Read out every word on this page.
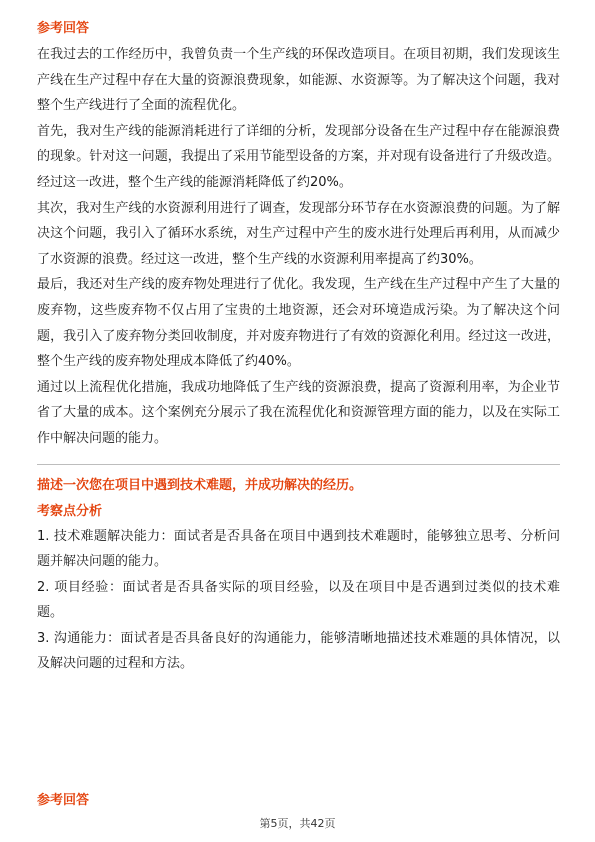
参考回答

在我过去的工作经历中，我曾负责一个生产线的环保改造项目。在项目初期，我们发现该生产线在生产过程中存在大量的资源浪费现象，如能源、水资源等。为了解决这个问题，我对整个生产线进行了全面的流程优化。

首先，我对生产线的能源消耗进行了详细的分析，发现部分设备在生产过程中存在能源浪费的现象。针对这一问题，我提出了采用节能型设备的方案，并对现有设备进行了升级改造。经过这一改进，整个生产线的能源消耗降低了约20%。

其次，我对生产线的水资源利用进行了调查，发现部分环节存在水资源浪费的问题。为了解决这个问题，我引入了循环水系统，对生产过程中产生的废水进行处理后再利用，从而减少了水资源的浪费。经过这一改进，整个生产线的水资源利用率提高了约30%。

最后，我还对生产线的废弃物处理进行了优化。我发现，生产线在生产过程中产生了大量的废弃物，这些废弃物不仅占用了宝贵的土地资源，还会对环境造成污染。为了解决这个问题，我引入了废弃物分类回收制度，并对废弃物进行了有效的资源化利用。经过这一改进，整个生产线的废弃物处理成本降低了约40%。

通过以上流程优化措施，我成功地降低了生产线的资源浪费，提高了资源利用率，为企业节省了大量的成本。这个案例充分展示了我在流程优化和资源管理方面的能力，以及在实际工作中解决问题的能力。

描述一次您在项目中遇到技术难题，并成功解决的经历。

考察点分析

1. 技术难题解决能力：面试者是否具备在项目中遇到技术难题时，能够独立思考、分析问题并解决问题的能力。

2. 项目经验：面试者是否具备实际的项目经验，以及在项目中是否遇到过类似的技术难题。

3. 沟通能力：面试者是否具备良好的沟通能力，能够清晰地描述技术难题的具体情况，以及解决问题的过程和方法。

参考回答

第5页，共42页
